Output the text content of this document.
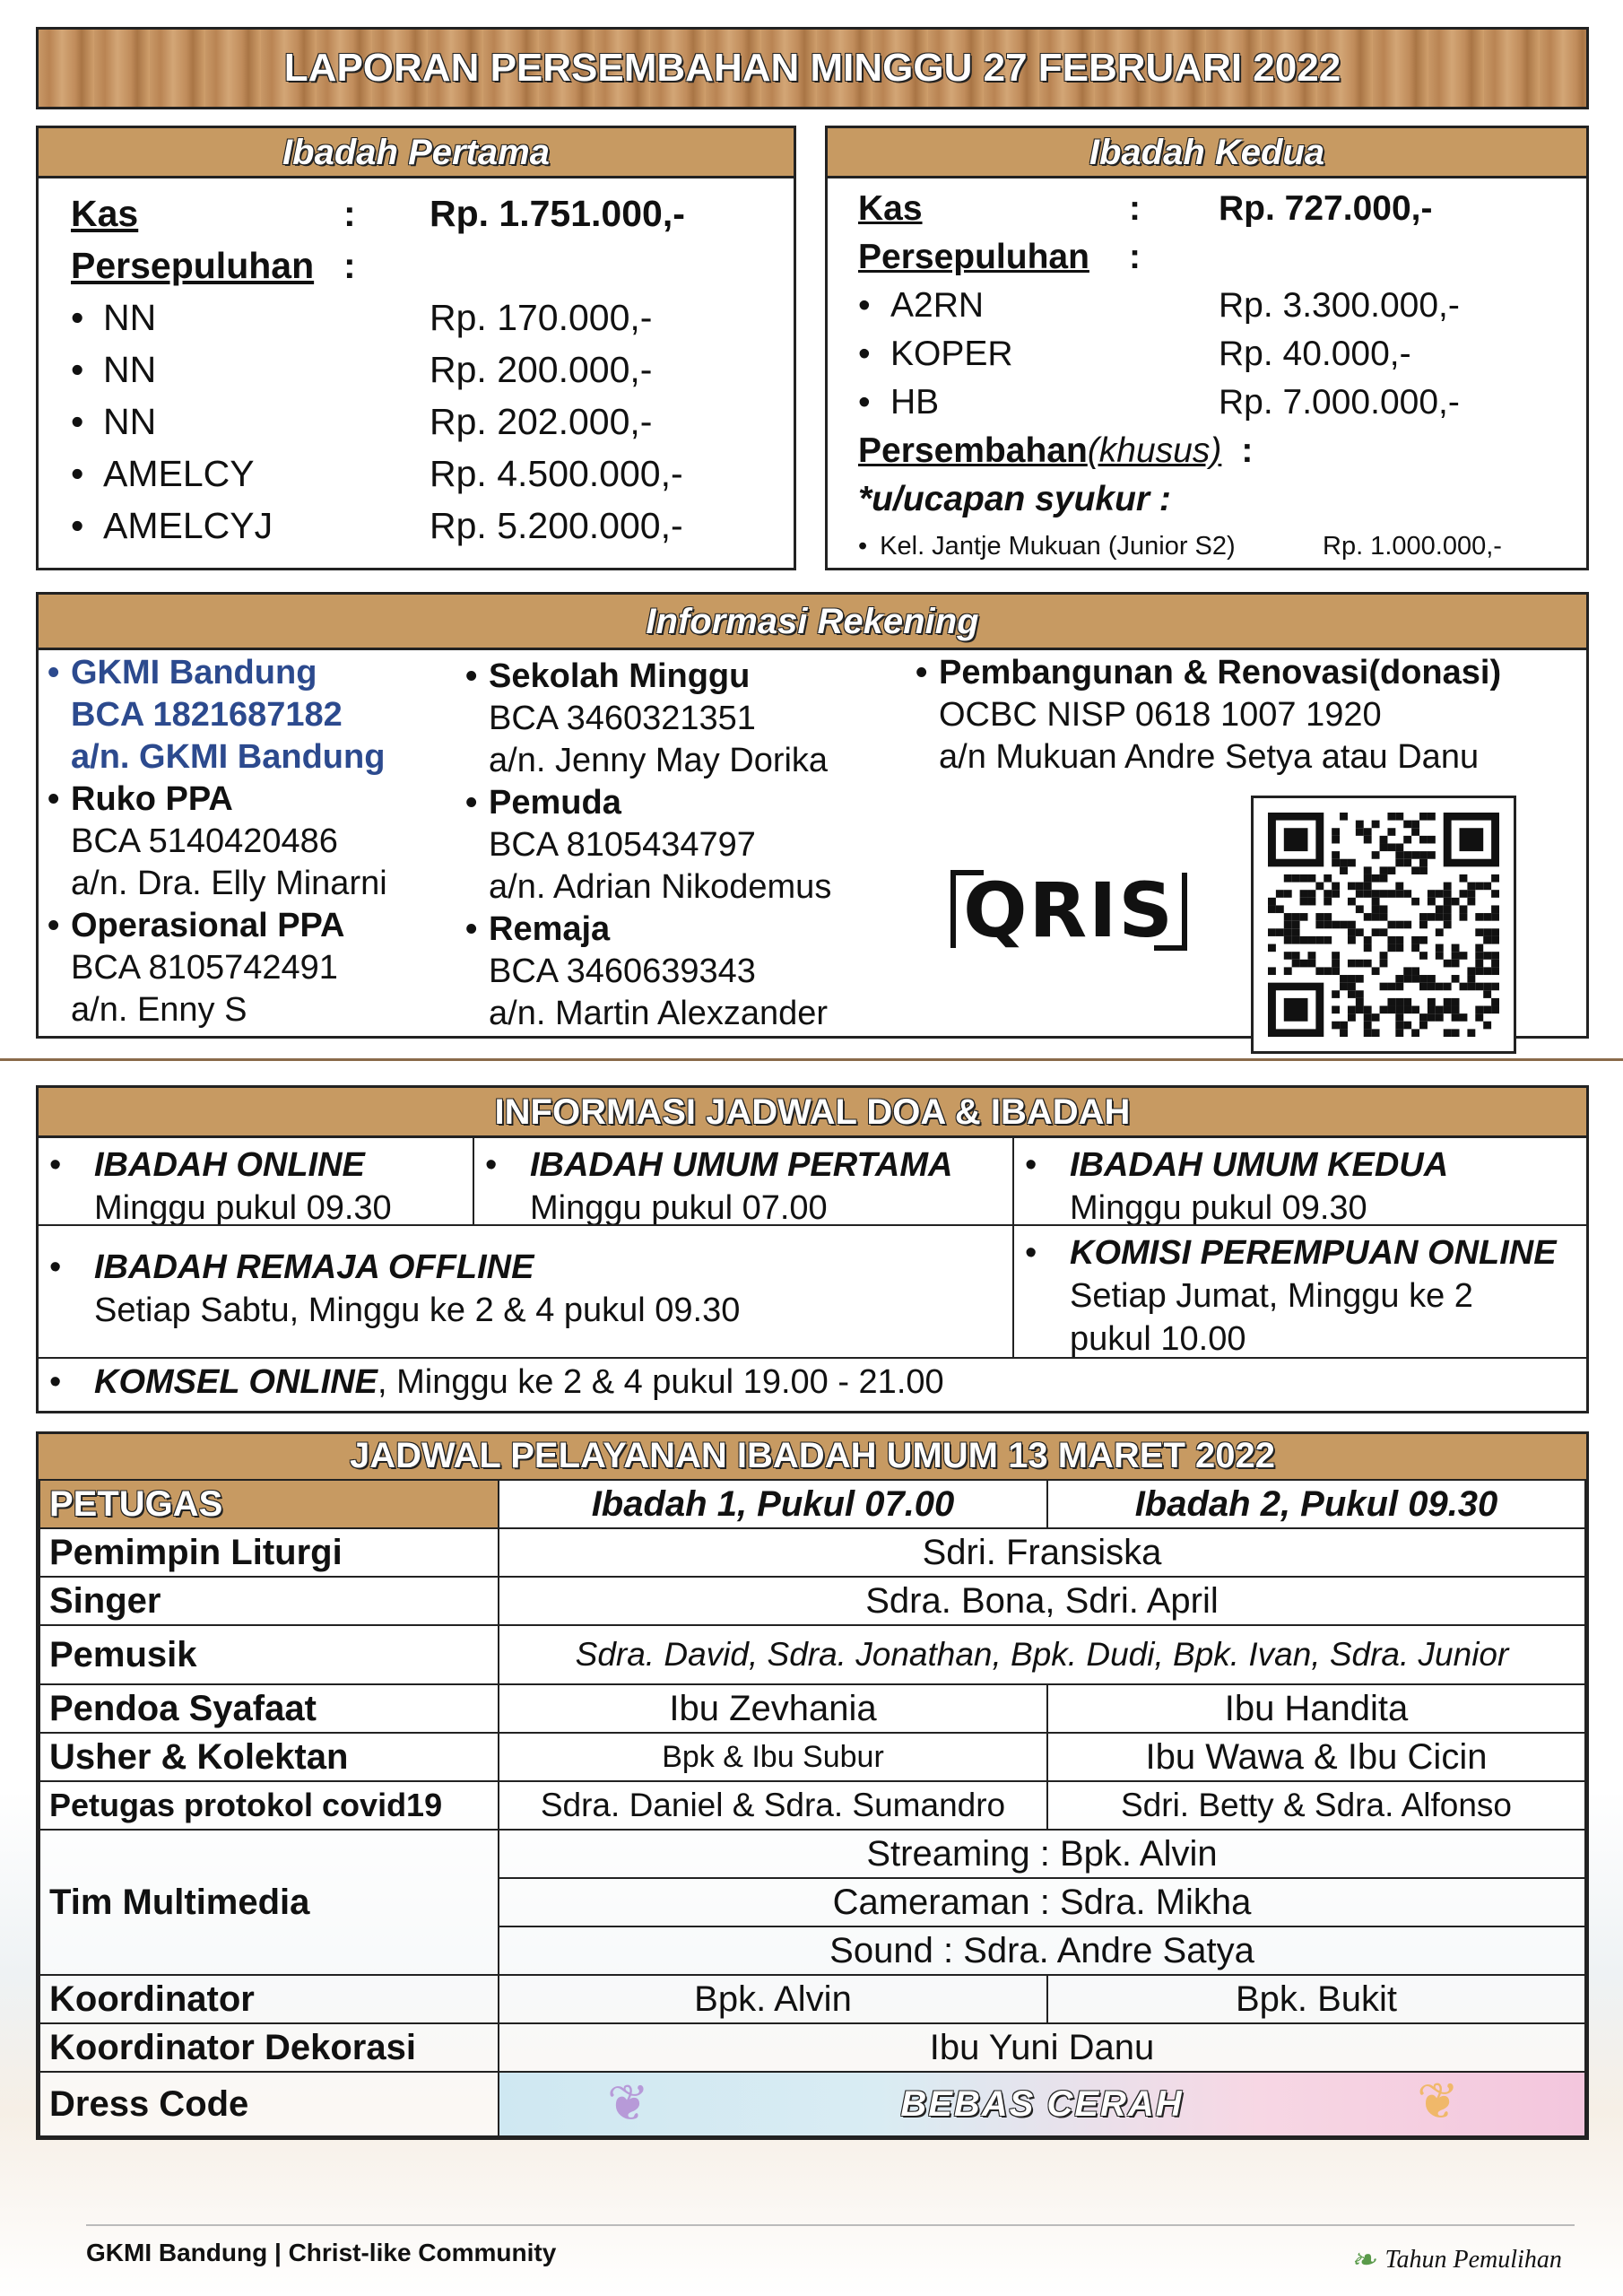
LAPORAN PERSEMBAHAN MINGGU 27 FEBRUARI 2022
Ibadah Pertama
Kas	: Rp. 1.751.000,-
Persepuluhan :
• NN	Rp. 170.000,-
• NN	Rp. 200.000,-
• NN	Rp. 202.000,-
• AMELCY	Rp. 4.500.000,-
• AMELCYJ	Rp. 5.200.000,-
Ibadah Kedua
Kas	: Rp. 727.000,-
Persepuluhan :
• A2RN	Rp. 3.300.000,-
• KOPER	Rp. 40.000,-
• HB	Rp. 7.000.000,-
Persembahan (khusus) :
*u/ucapan syukur :
• Kel. Jantje Mukuan (Junior S2)	Rp. 1.000.000,-
Informasi Rekening
• GKMI Bandung
BCA 1821687182
a/n. GKMI Bandung
• Ruko PPA
BCA 5140420486
a/n. Dra. Elly Minarni
• Operasional PPA
BCA 8105742491
a/n. Enny S
• Sekolah Minggu
BCA 3460321351
a/n. Jenny May Dorika
• Pemuda
BCA 8105434797
a/n. Adrian Nikodemus
• Remaja
BCA 3460639343
a/n. Martin Alexzander
• Pembangunan & Renovasi(donasi)
OCBC NISP 0618 1007 1920
a/n Mukuan Andre Setya atau Danu
QRIS
INFORMASI JADWAL DOA & IBADAH
• IBADAH ONLINE
Minggu pukul 09.30
• IBADAH UMUM PERTAMA
Minggu pukul 07.00
• IBADAH UMUM KEDUA
Minggu pukul 09.30
• IBADAH REMAJA OFFLINE
Setiap Sabtu, Minggu ke 2 & 4 pukul 09.30
• KOMISI PEREMPUAN ONLINE
Setiap Jumat, Minggu ke 2
pukul 10.00
• KOMSEL ONLINE, Minggu ke 2 & 4 pukul 19.00 - 21.00
JADWAL PELAYANAN IBADAH UMUM 13 MARET 2022
PETUGAS	Ibadah 1, Pukul 07.00	Ibadah 2, Pukul 09.30
Pemimpin Liturgi	Sdri. Fransiska	
Singer	Sdra. Bona, Sdri. April	
Pemusik	Sdra. David, Sdra. Jonathan, Bpk. Dudi, Bpk. Ivan, Sdra. Junior	
Pendoa Syafaat	Ibu Zevhania	Ibu Handita
Usher & Kolektan	Bpk & Ibu Subur	Ibu Wawa & Ibu Cicin
Petugas protokol covid19	Sdra. Daniel & Sdra. Sumandro	Sdri. Betty & Sdra. Alfonso
Tim Multimedia	Streaming : Bpk. Alvin	
	Cameraman : Sdra. Mikha	
	Sound : Sdra. Andre Satya	
Koordinator	Bpk. Alvin	Bpk. Bukit
Koordinator Dekorasi	Ibu Yuni Danu	
Dress Code	❦ ❦
BEBAS CERAH	
GKMI Bandung | Christ-like Community	❧ Tahun Pemulihan
